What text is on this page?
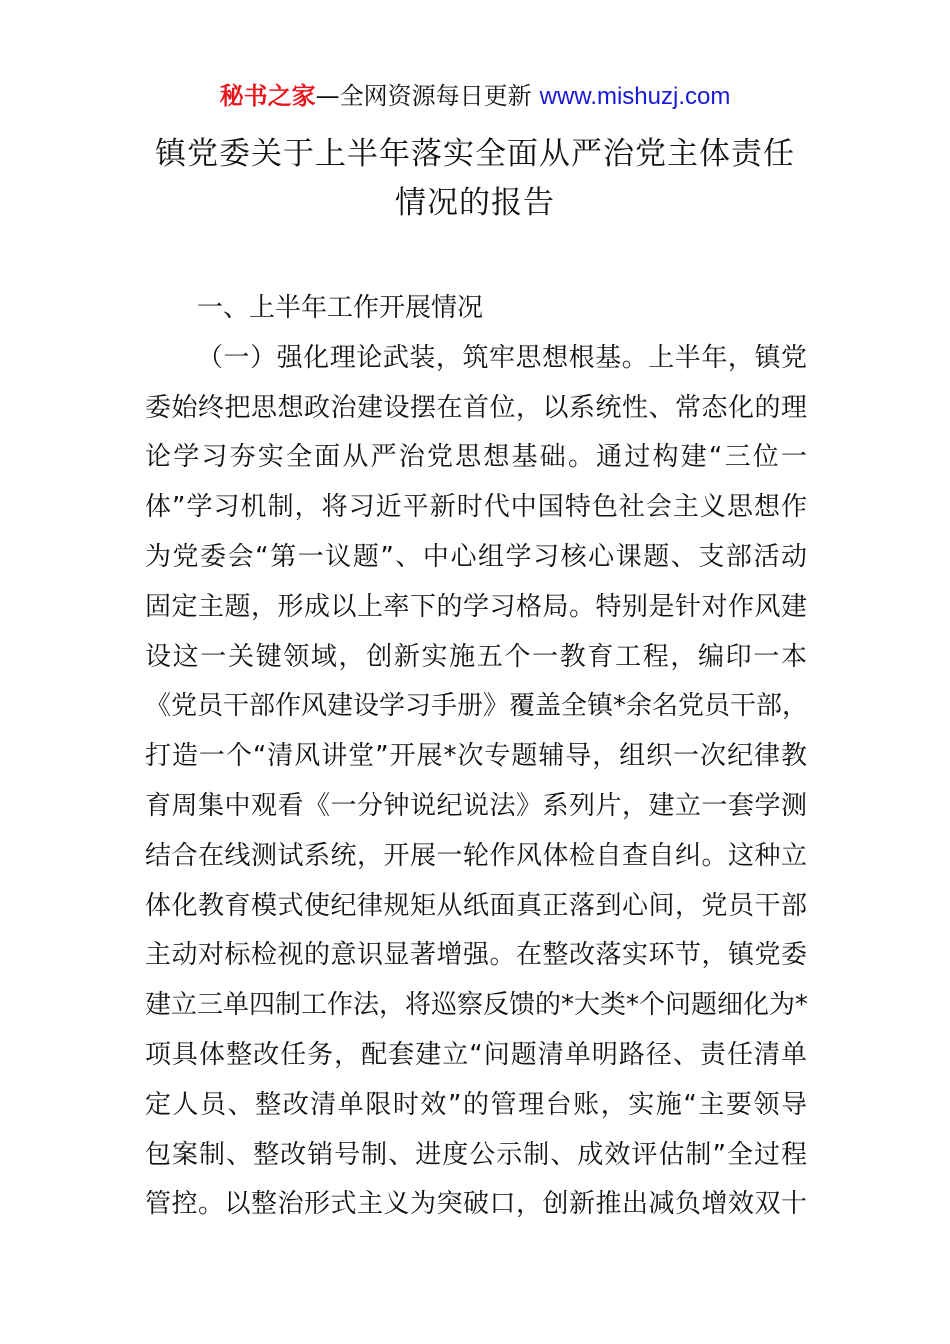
秘书之家—全网资源每日更新 www.mishuzj.com
镇党委关于上半年落实全面从严治党主体责任
情况的报告
一、上半年工作开展情况
（一）强化理论武装，筑牢思想根基。上半年，镇党
委始终把思想政治建设摆在首位，以系统性、常态化的理
论学习夯实全面从严治党思想基础。通过构建“三位一
体”学习机制，将习近平新时代中国特色社会主义思想作
为党委会“第一议题”、中心组学习核心课题、支部活动
固定主题，形成以上率下的学习格局。特别是针对作风建
设这一关键领域，创新实施五个一教育工程，编印一本
《党员干部作风建设学习手册》覆盖全镇*余名党员干部，
打造一个“清风讲堂”开展*次专题辅导，组织一次纪律教
育周集中观看《一分钟说纪说法》系列片，建立一套学测
结合在线测试系统，开展一轮作风体检自查自纠。这种立
体化教育模式使纪律规矩从纸面真正落到心间，党员干部
主动对标检视的意识显著增强。在整改落实环节，镇党委
建立三单四制工作法，将巡察反馈的*大类*个问题细化为*
项具体整改任务，配套建立“问题清单明路径、责任清单
定人员、整改清单限时效”的管理台账，实施“主要领导
包案制、整改销号制、进度公示制、成效评估制”全过程
管控。以整治形式主义为突破口，创新推出减负增效双十
